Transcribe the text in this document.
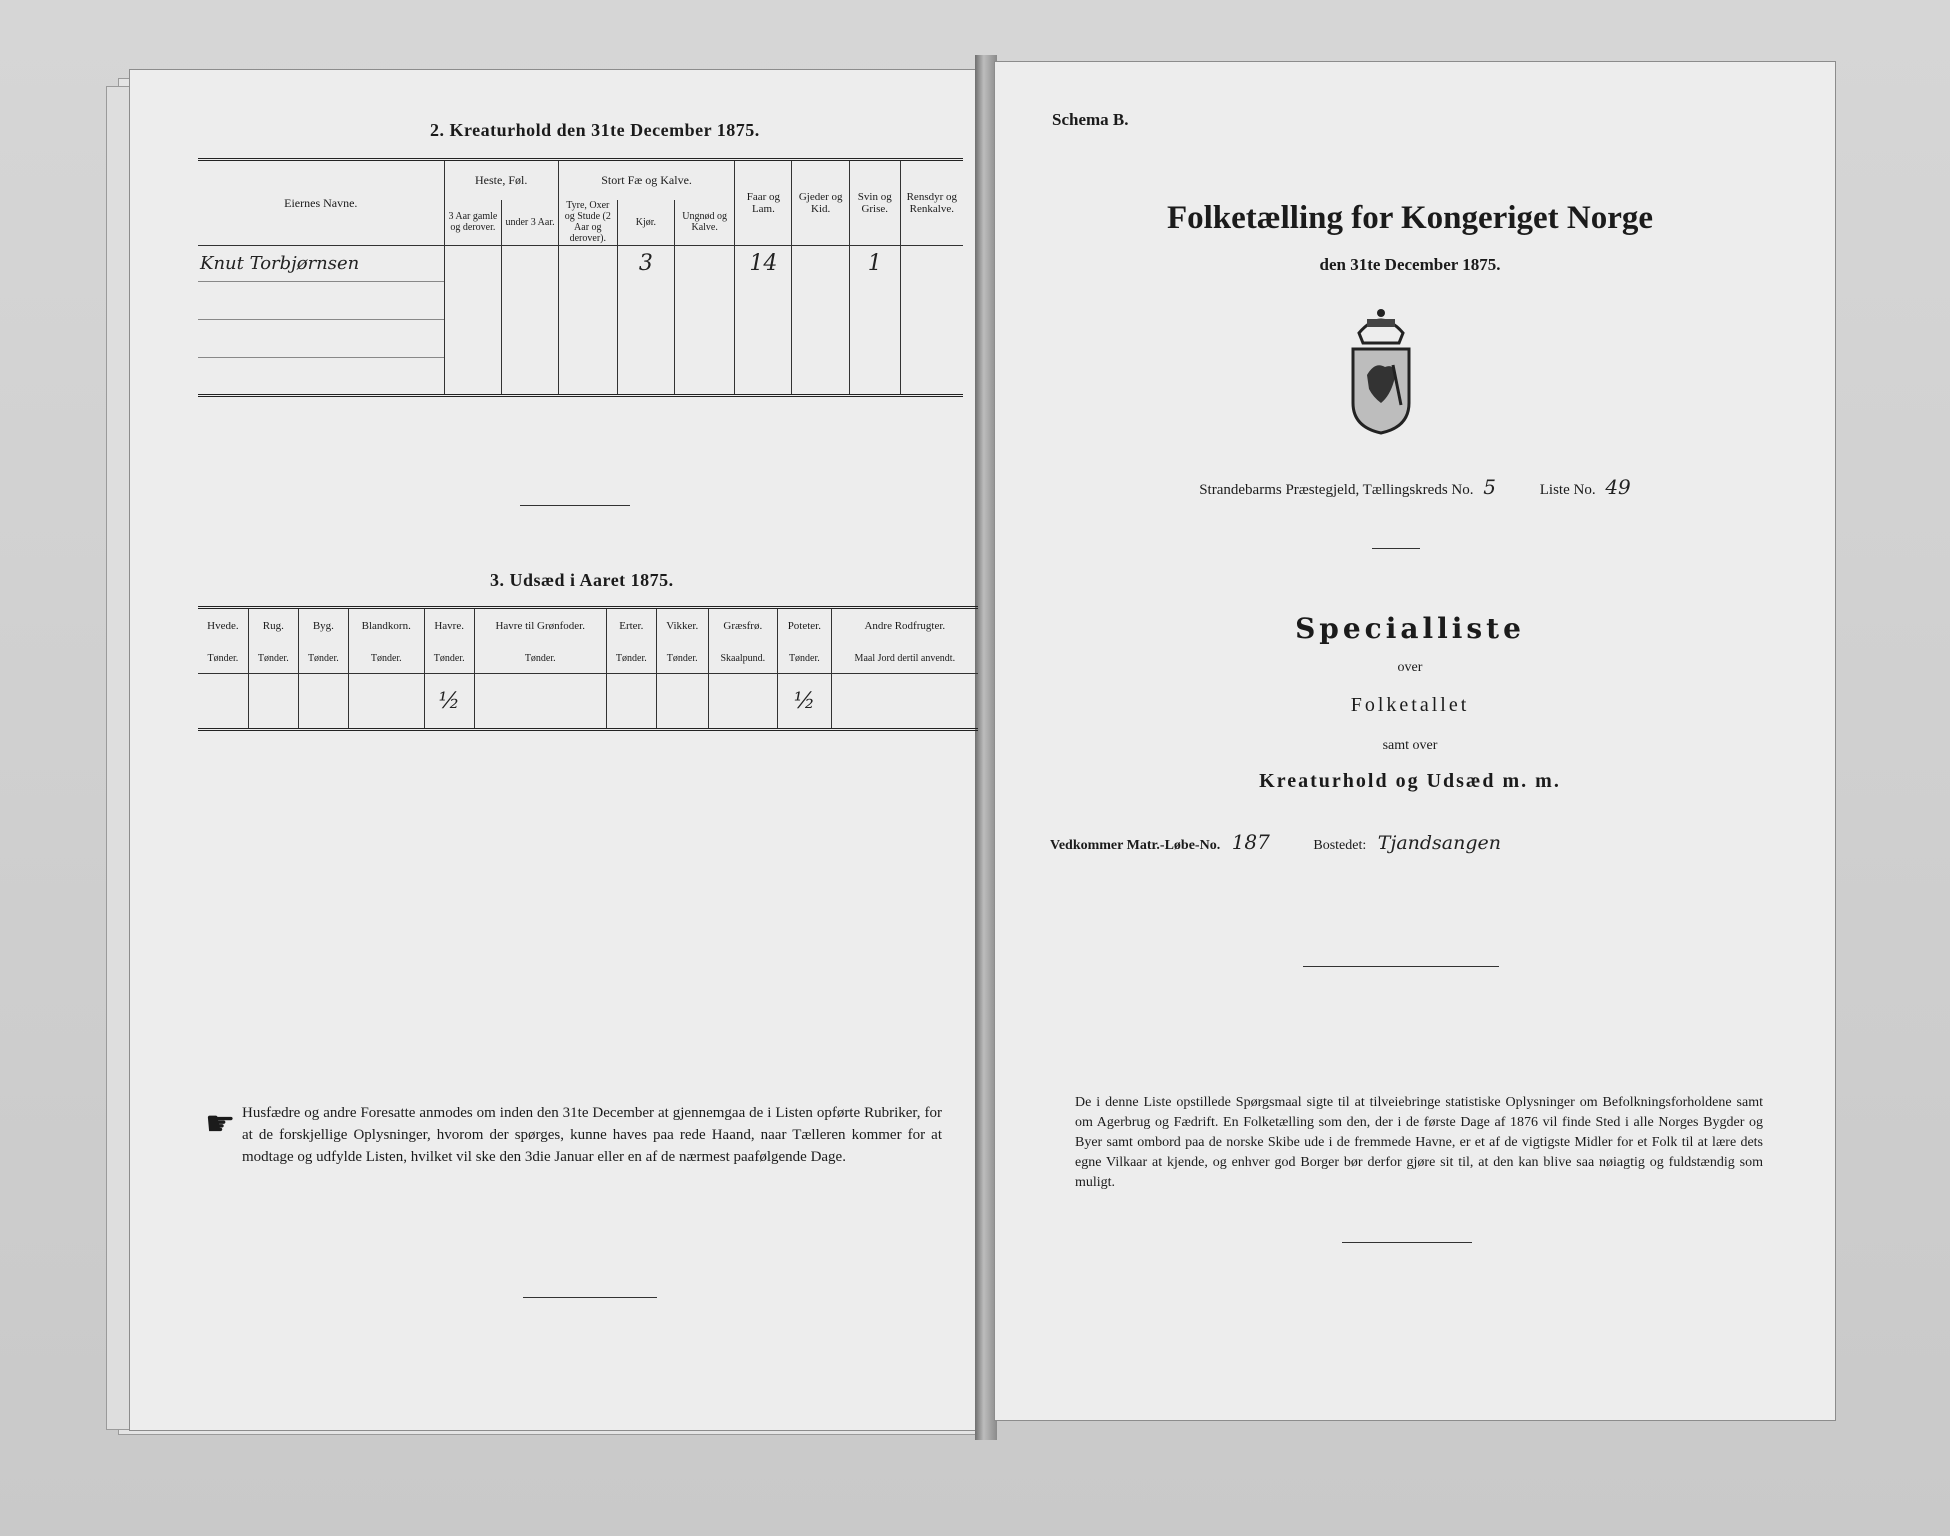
2. Kreaturhold den 31te December 1875.
Eiernes Navne.	Heste, Føl.		Stort Fæ og Kalve.			Faar og Lam.	Gjeder og Kid.	Svin og Grise.	Rensdyr og Renkalve.
	3 Aar gamle og derover.	under 3 Aar.	Tyre, Oxer og Stude (2 Aar og derover).	Kjør.	Ungnød og Kalve.				
Knut Torbjørnsen				3		14		1	

3. Udsæd i Aaret 1875.
Hvede.	Rug.	Byg.	Blandkorn.	Havre.	Havre til Grønfoder.	Erter.	Vikker.	Græsfrø.	Poteter.	Andre Rodfrugter.
Tønder.	Tønder.	Tønder.	Tønder.	Tønder.	Tønder.	Tønder.	Tønder.	Skaalpund.	Tønder.	Maal Jord dertil anvendt.
				½					½	
☛ Husfædre og andre Foresatte anmodes om inden den 31te December at gjennemgaa de i Listen opførte Rubriker, for at de forskjellige Oplysninger, hvorom der spørges, kunne haves paa rede Haand, naar Tælleren kommer for at modtage og udfylde Listen, hvilket vil ske den 3die Januar eller en af de nærmest paafølgende Dage.
Schema B.
Folketælling for Kongeriget Norge
den 31te December 1875.
Strandebarms Præstegjeld, Tællingskreds No. 5	Liste No. 49
Specialliste
over
Folketallet
samt over
Kreaturhold og Udsæd m. m.
Vedkommer Matr.-Løbe-No. 187	Bostedet: Tjandsangen
De i denne Liste opstillede Spørgsmaal sigte til at tilveiebringe statistiske Oplysninger om Befolkningsforholdene samt om Agerbrug og Fædrift. En Folketælling som den, der i de første Dage af 1876 vil finde Sted i alle Norges Bygder og Byer samt ombord paa de norske Skibe ude i de fremmede Havne, er et af de vigtigste Midler for et Folk til at lære dets egne Vilkaar at kjende, og enhver god Borger bør derfor gjøre sit til, at den kan blive saa nøiagtig og fuldstændig som muligt.
